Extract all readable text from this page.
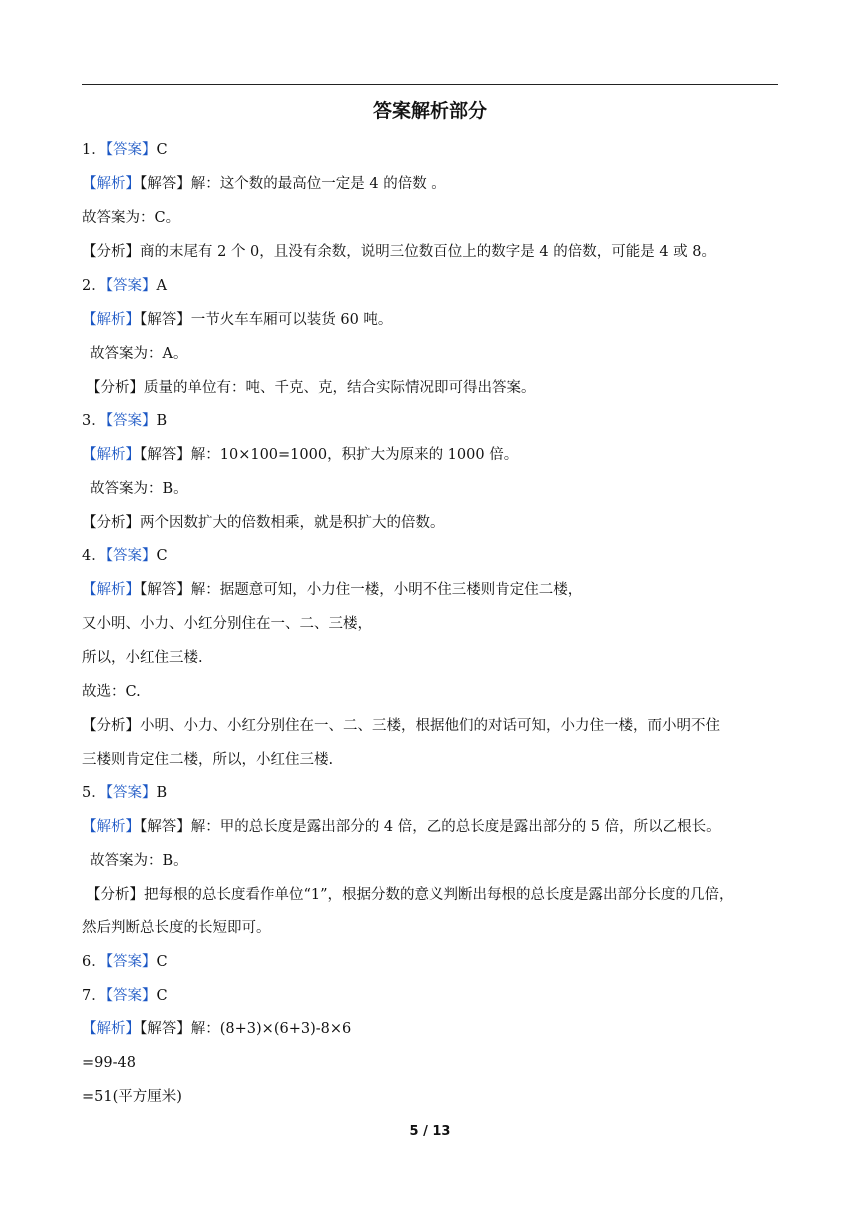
答案解析部分
1．【答案】C
【解析】【解答】解：这个数的最高位一定是 4 的倍数 。
故答案为：C。
【分析】商的末尾有 2 个 0，且没有余数，说明三位数百位上的数字是 4 的倍数，可能是 4 或 8。
2．【答案】A
【解析】【解答】一节火车车厢可以装货 60 吨。
故答案为：A。
【分析】质量的单位有：吨、千克、克，结合实际情况即可得出答案。
3．【答案】B
【解析】【解答】解：10×100=1000，积扩大为原来的 1000 倍。
故答案为：B。
【分析】两个因数扩大的倍数相乘，就是积扩大的倍数。
4．【答案】C
【解析】【解答】解：据题意可知，小力住一楼，小明不住三楼则肯定住二楼，
又小明、小力、小红分别住在一、二、三楼，
所以，小红住三楼.
故选：C.
【分析】小明、小力、小红分别住在一、二、三楼，根据他们的对话可知，小力住一楼，而小明不住
三楼则肯定住二楼，所以，小红住三楼.
5．【答案】B
【解析】【解答】解：甲的总长度是露出部分的 4 倍，乙的总长度是露出部分的 5 倍，所以乙根长。
故答案为：B。
【分析】把每根的总长度看作单位“1”，根据分数的意义判断出每根的总长度是露出部分长度的几倍，
然后判断总长度的长短即可。
6．【答案】C
7．【答案】C
【解析】【解答】解：(8+3)×(6+3)-8×6
=99-48
=51(平方厘米)
5 / 13
